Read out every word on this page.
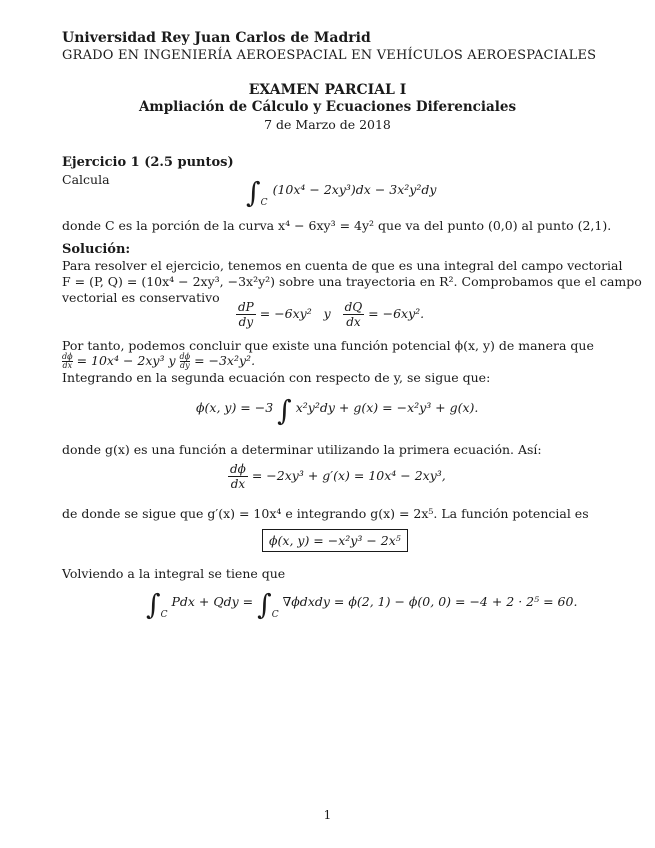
Universidad Rey Juan Carlos de Madrid
GRADO EN INGENIERÍA AEROESPACIAL EN VEHÍCULOS AEROESPACIALES
EXAMEN PARCIAL I
Ampliación de Cálculo y Ecuaciones Diferenciales
7 de Marzo de 2018
Ejercicio 1 (2.5 puntos)
Calcula	$\int_C$ $^{(10x^4 - 2xy^3)dx - 3x^2y^2dy}$
donde C es la porción de la curva x⁴ − 6xy³ = 4y² que va del punto (0,0) al punto (2,1).
Solución:
Para resolver el ejercicio, tenemos en cuenta de que es una integral del campo vectorial
F = (P, Q) = (10x⁴ − 2xy³, −3x²y²) sobre una trayectoria en R². Comprobamos que el campo
vectorial es conservativo
$\frac{dP}{dy} = -6xy^2$ y $\frac{dQ}{dx} = -6xy^2$.
Por tanto, podemos concluir que existe una función potencial ϕ(x, y) de manera que
$\frac{d\phi}{dx} = 10x^4 - 2xy^3$ y $\frac{d\phi}{dy} = -3x^2y^2$.
Integrando en la segunda ecuación con respecto de y, se sigue que:
ϕ(x, y) = −3 ∫ x²y²dy + g(x) = −x²y³ + g(x).
donde g(x) es una función a determinar utilizando la primera ecuación. Así:
$\frac{d\phi}{dx} = -2xy^3 + g'(x) = 10x^4 - 2xy^3$,
de donde se sigue que g′(x) = 10x⁴ e integrando g(x) = 2x⁵. La función potencial es
ϕ(x, y) = −x²y³ − 2x⁵
Volviendo a la integral se tiene que
$\int_C$ Pdx + Qdy = $\int_C$ ∇ϕdxdy = ϕ(2, 1) − ϕ(0, 0) = −4 + 2 · 2⁵ = 60.
1
